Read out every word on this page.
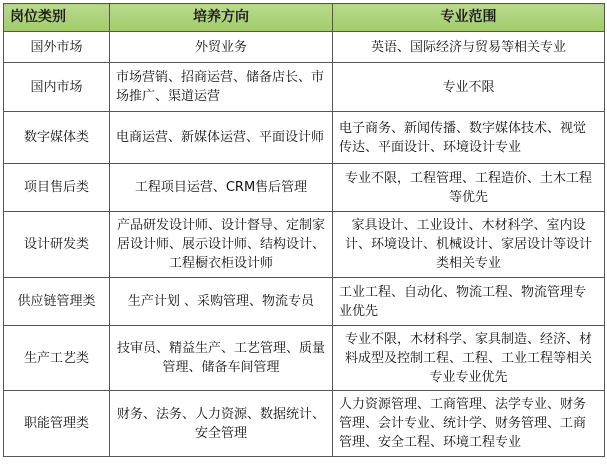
岗位类别	培养方向	专业范围
国外市场	外贸业务	英语、国际经济与贸易等相关专业
国内市场	市场营销、招商运营、储备店长、市场推广、渠道运营	专业不限
数字媒体类	电商运营、新媒体运营、平面设计师	电子商务、新闻传播、数字媒体技术、视觉传达、平面设计、环境设计专业
项目售后类	工程项目运营、CRM售后管理	专业不限，工程管理、工程造价、土木工程等优先
设计研发类	产品研发设计师、设计督导、定制家居设计师、展示设计师、结构设计、工程橱衣柜设计师	家具设计、工业设计、木材科学、室内设计、环境设计、机械设计、家居设计等设计类相关专业
供应链管理类	生产计划 、采购管理、物流专员	工业工程、自动化、物流工程、物流管理专业优先
生产工艺类	技审员、精益生产、工艺管理、质量管理、储备车间管理	专业不限，木材科学、家具制造、经济、材料成型及控制工程、工程、工业工程等相关专业专业优先
职能管理类	财务、法务、人力资源、数据统计、安全管理	人力资源管理、工商管理、法学专业、财务管理、会计专业、统计学、财务管理、工商管理、安全工程、环境工程专业
